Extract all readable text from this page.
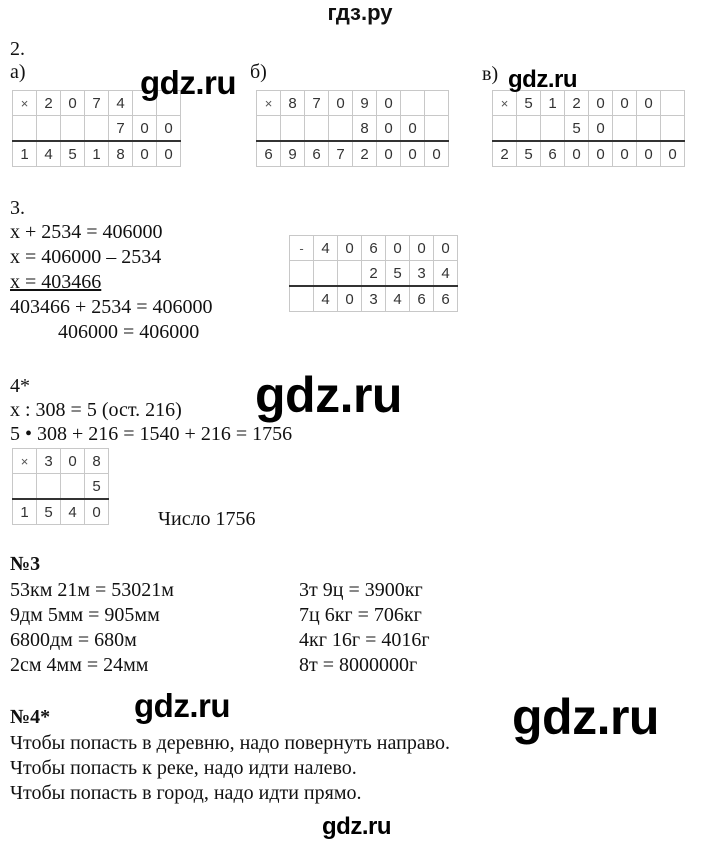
гдз.ру
2.
а)
×	2	0	7	4		
				7	0	0
1	4	5	1	8	0	0
б)
×	8	7	0	9	0		
				8	0	0	
6	9	6	7	2	0	0	0
в)
×	5	1	2	0	0	0	
			5	0			
2	5	6	0	0	0	0	0
3.
x + 2534 = 406000
x = 406000 – 2534
x = 403466
403466 + 2534 = 406000
406000 = 406000
-	4	0	6	0	0	0
			2	5	3	4
	4	0	3	4	6	6
4*
x : 308 = 5 (ост. 216)
5 • 308 + 216 = 1540 + 216 = 1756
×	3	0	8
			5
1	5	4	0	Число 1756
№3
53км 21м = 53021м
9дм 5мм = 905мм
6800дм = 680м
2см 4мм = 24мм
3т 9ц = 3900кг
7ц 6кг = 706кг
4кг 16г = 4016г
8т = 8000000г
№4*
Чтобы попасть в деревню, надо повернуть направо.
Чтобы попасть к реке, надо идти налево.
Чтобы попасть в город, надо идти прямо.
gdz.ru	gdz.ru
gdz.ru
gdz.ru	gdz.ru
gdz.ru
